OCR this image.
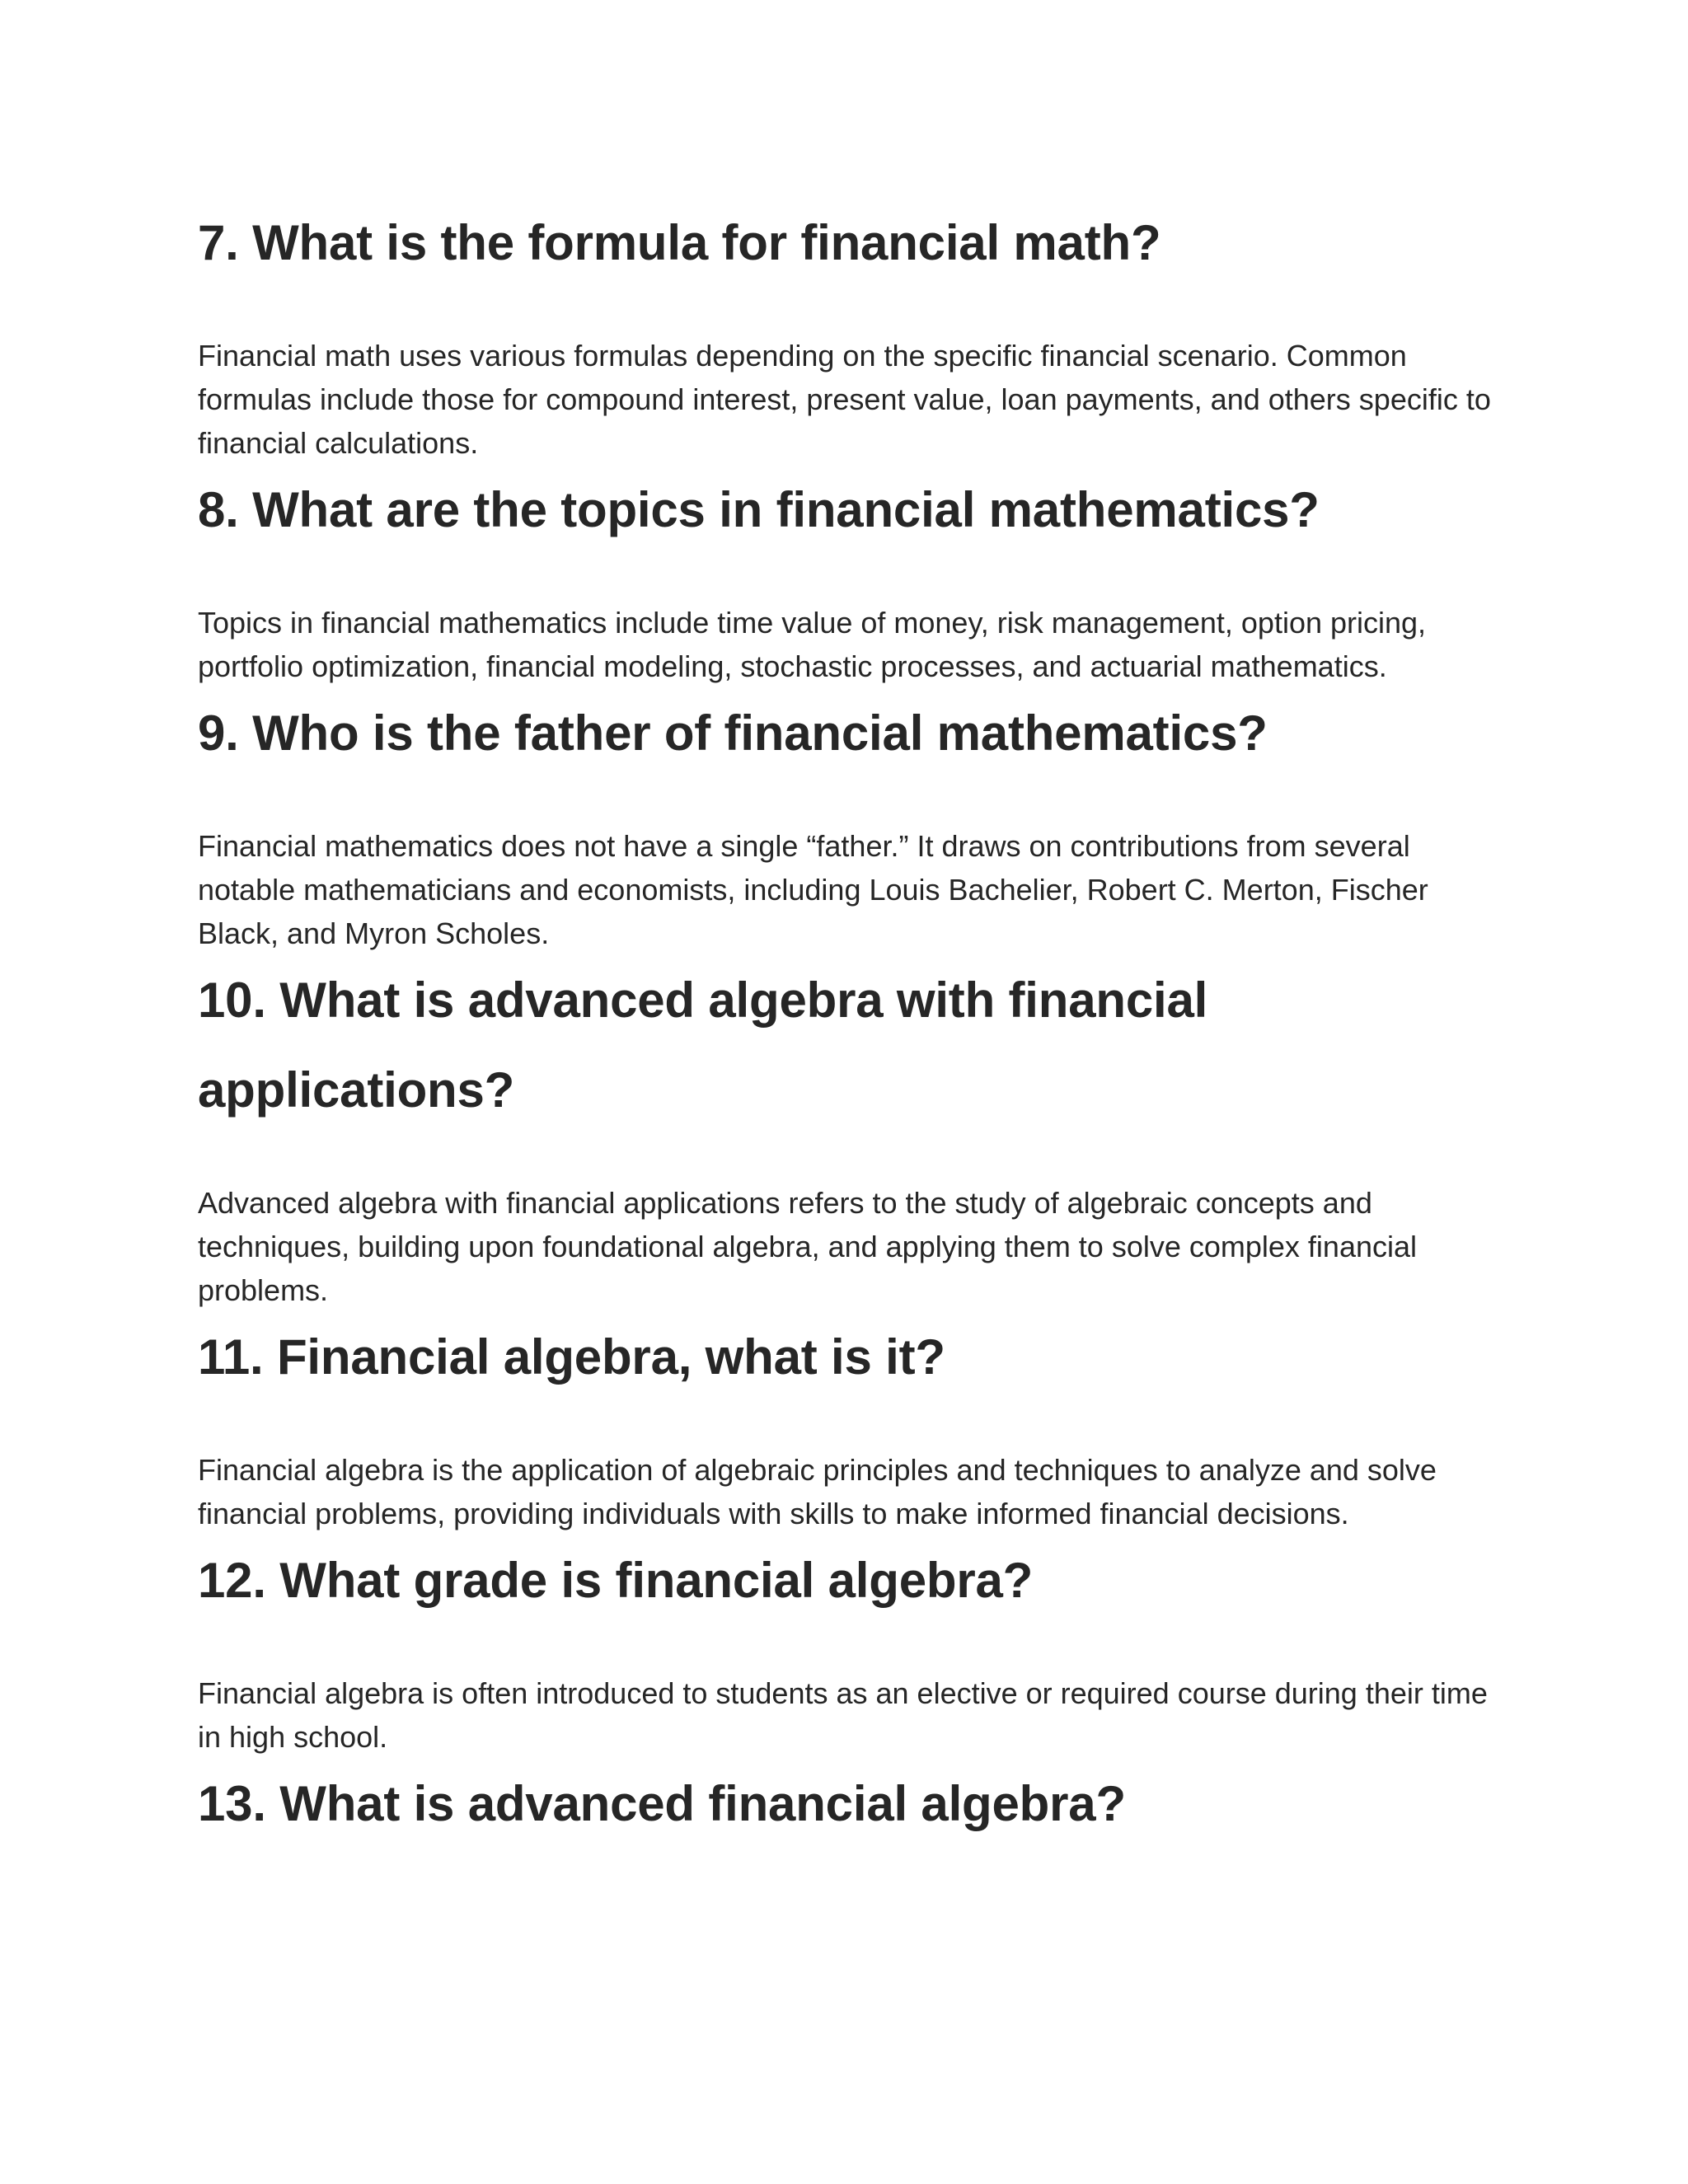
7. What is the formula for financial math?

Financial math uses various formulas depending on the specific financial scenario. Common formulas include those for compound interest, present value, loan payments, and others specific to financial calculations.

8. What are the topics in financial mathematics?

Topics in financial mathematics include time value of money, risk management, option pricing, portfolio optimization, financial modeling, stochastic processes, and actuarial mathematics.

9. Who is the father of financial mathematics?

Financial mathematics does not have a single “father.” It draws on contributions from several notable mathematicians and economists, including Louis Bachelier, Robert C. Merton, Fischer Black, and Myron Scholes.

10. What is advanced algebra with financial applications?

Advanced algebra with financial applications refers to the study of algebraic concepts and techniques, building upon foundational algebra, and applying them to solve complex financial problems.

11. Financial algebra, what is it?

Financial algebra is the application of algebraic principles and techniques to analyze and solve financial problems, providing individuals with skills to make informed financial decisions.

12. What grade is financial algebra?

Financial algebra is often introduced to students as an elective or required course during their time in high school.

13. What is advanced financial algebra?
